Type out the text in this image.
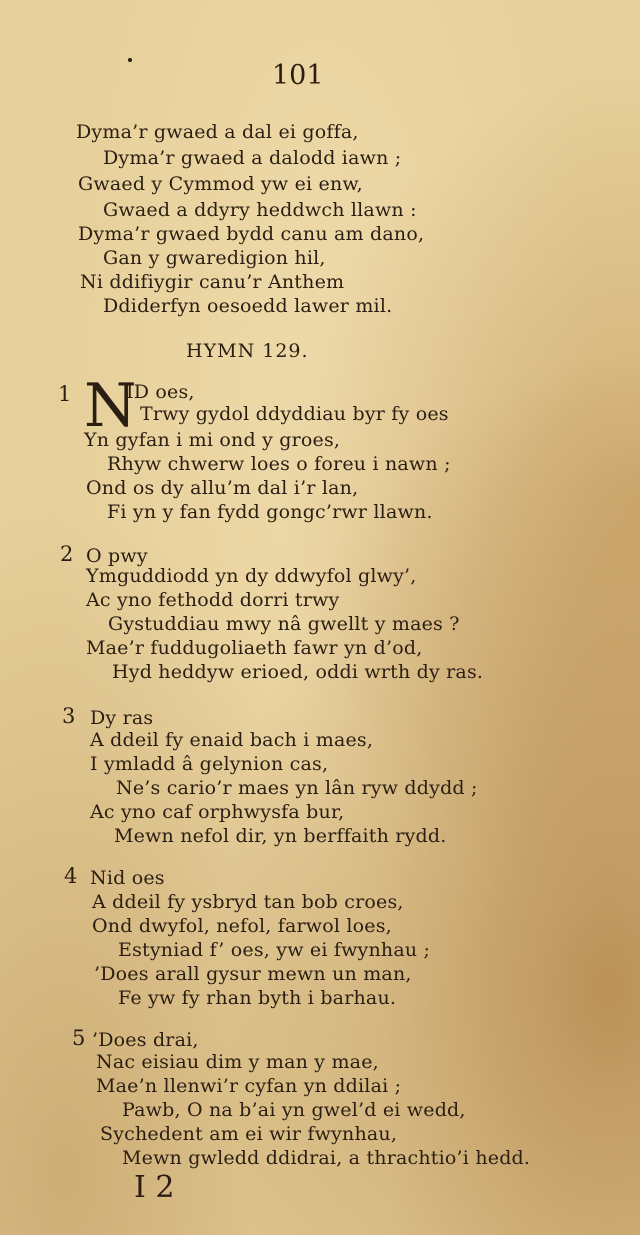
101
Dyma’r gwaed a dal ei goffa,
Dyma’r gwaed a dalodd iawn ;
Gwaed y Cymmod yw ei enw,
Gwaed a ddyry heddwch llawn :
Dyma’r gwaed bydd canu am dano,
Gan y gwaredigion hil,
Ni ddifiygir canu’r Anthem
Ddiderfyn oesoedd lawer mil.
HYMN 129.
1 N
ID oes,
Trwy gydol ddyddiau byr fy oes
Yn gyfan i mi ond y groes,
Rhyw chwerw loes o foreu i nawn ;
Ond os dy allu’m dal i’r lan,
Fi yn y fan fydd gongc’rwr llawn.
2 O pwy
Ymguddiodd yn dy ddwyfol glwy’,
Ac yno fethodd dorri trwy
Gystuddiau mwy nâ gwellt y maes ?
Mae’r fuddugoliaeth fawr yn d’od,
Hyd heddyw erioed, oddi wrth dy ras.
3 Dy ras
A ddeil fy enaid bach i maes,
I ymladd â gelynion cas,
Ne’s cario’r maes yn lân ryw ddydd ;
Ac yno caf orphwysfa bur,
Mewn nefol dir, yn berffaith rydd.
4 Nid oes
A ddeil fy ysbryd tan bob croes,
Ond dwyfol, nefol, farwol loes,
Estyniad f’ oes, yw ei fwynhau ;
’Does arall gysur mewn un man,
Fe yw fy rhan byth i barhau.
5 ’Does drai,
Nac eisiau dim y man y mae,
Mae’n llenwi’r cyfan yn ddilai ;
Pawb, O na b’ai yn gwel’d ei wedd,
Sychedent am ei wir fwynhau,
Mewn gwledd ddidrai, a thrachtio’i hedd.
I 2
